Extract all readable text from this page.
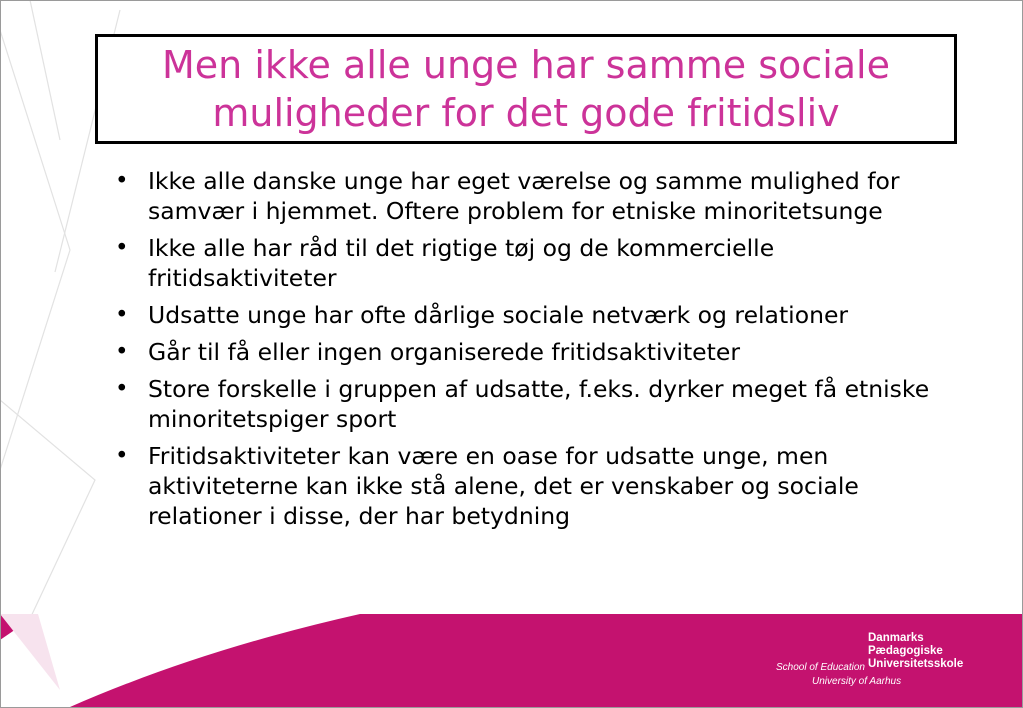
Men ikke alle unge har samme sociale
muligheder for det gode fritidsliv
• Ikke alle danske unge har eget værelse og samme mulighed for samvær i hjemmet. Oftere problem for etniske minoritetsunge
• Ikke alle har råd til det rigtige tøj og de kommercielle fritidsaktiviteter
• Udsatte unge har ofte dårlige sociale netværk og relationer
• Går til få eller ingen organiserede fritidsaktiviteter
• Store forskelle i gruppen af udsatte, f.eks. dyrker meget få etniske minoritetspiger sport
• Fritidsaktiviteter kan være en oase for udsatte unge, men aktiviteterne kan ikke stå alene, det er venskaber og sociale relationer i disse, der har betydning
Danmarks
Pædagogiske
Universitetsskole
School of Education
University of Aarhus
